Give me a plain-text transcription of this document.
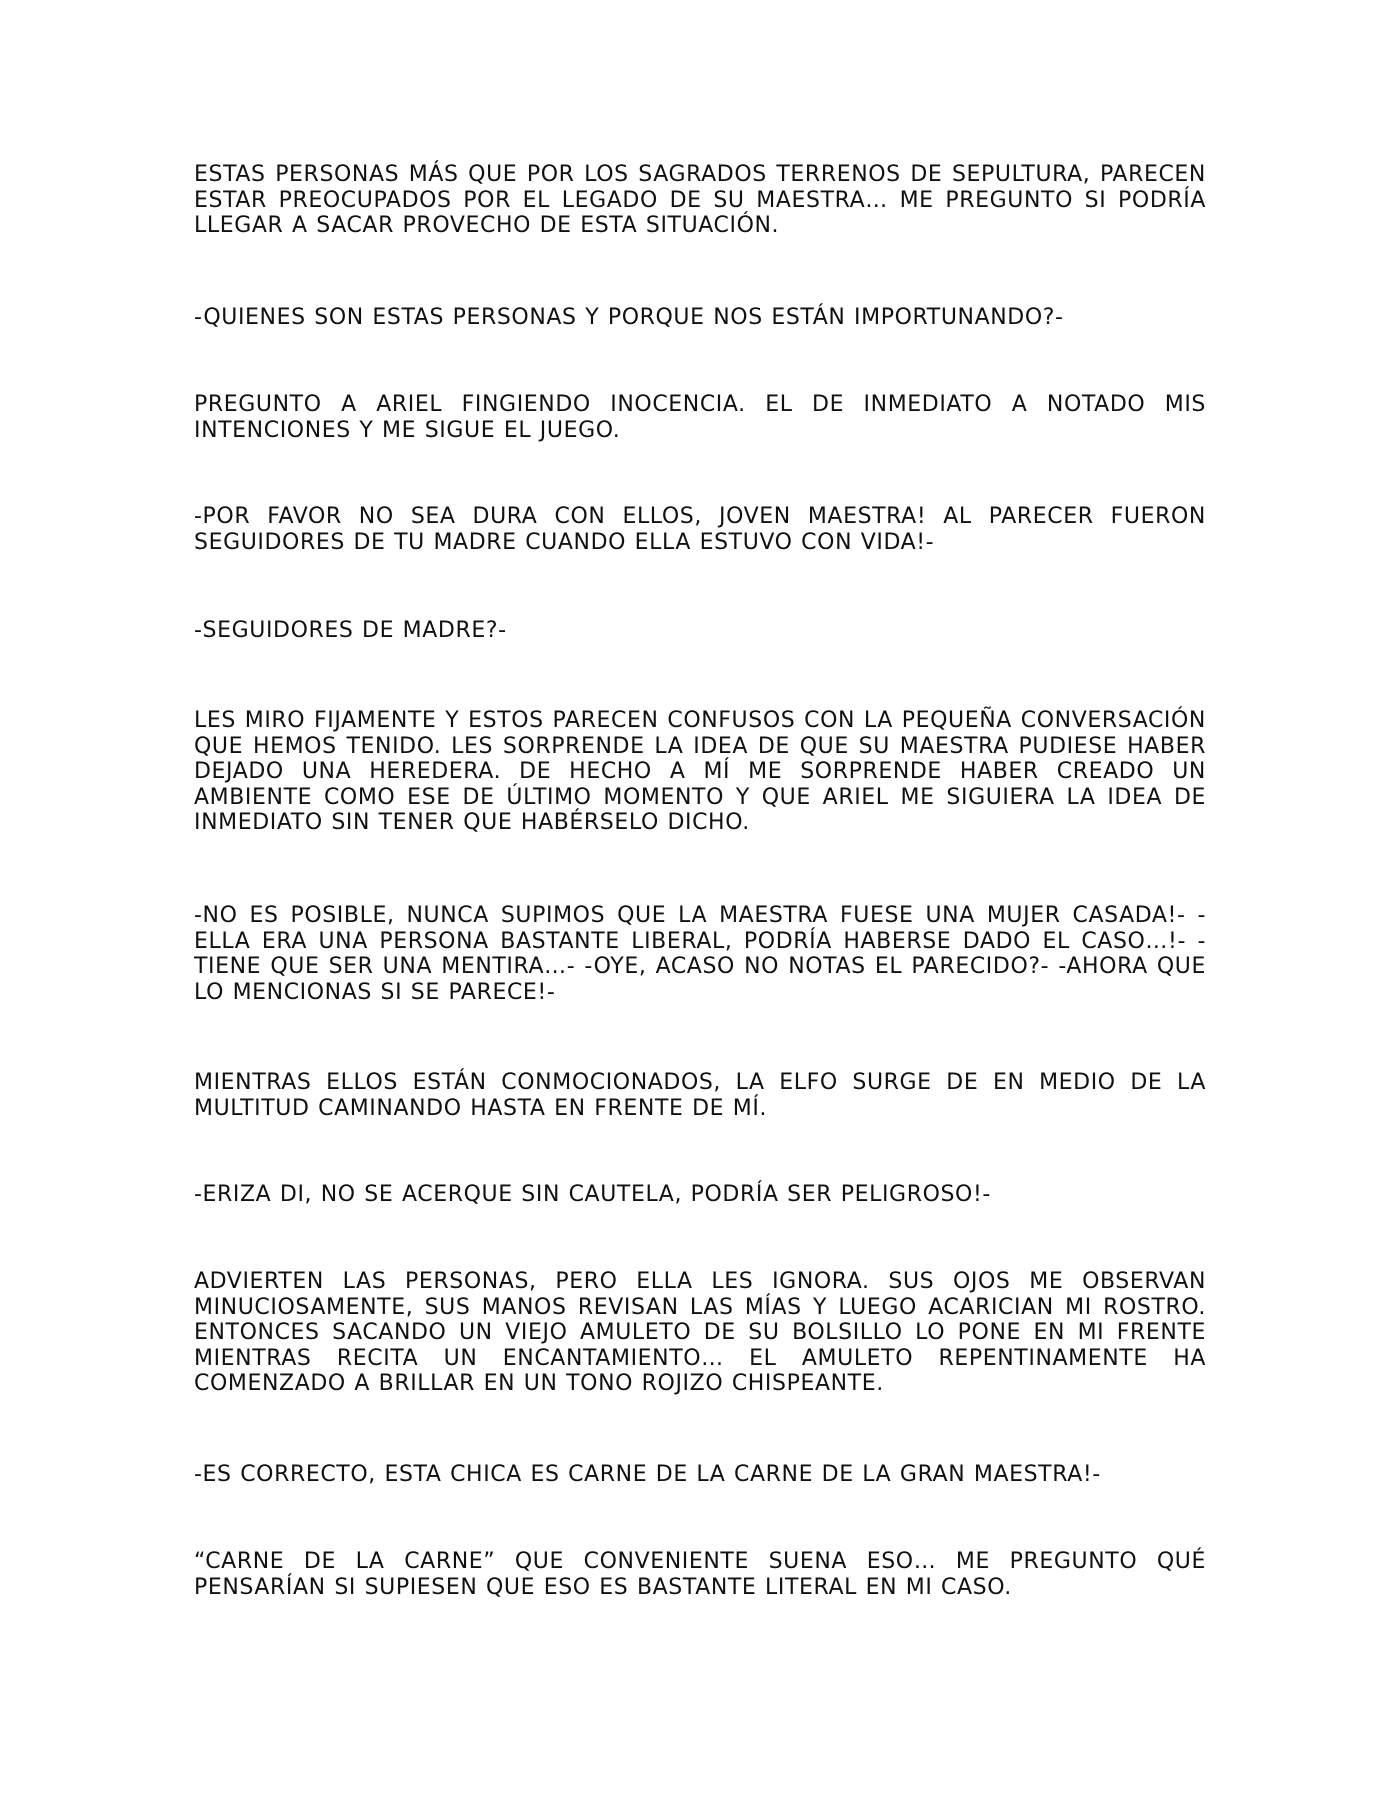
ESTAS PERSONAS MÁS QUE POR LOS SAGRADOS TERRENOS DE SEPULTURA, PARECEN ESTAR PREOCUPADOS POR EL LEGADO DE SU MAESTRA… ME PREGUNTO SI PODRÍA LLEGAR A SACAR PROVECHO DE ESTA SITUACIÓN.

-QUIENES SON ESTAS PERSONAS Y PORQUE NOS ESTÁN IMPORTUNANDO?-

PREGUNTO A ARIEL FINGIENDO INOCENCIA. EL DE INMEDIATO A NOTADO MIS INTENCIONES Y ME SIGUE EL JUEGO.

-POR FAVOR NO SEA DURA CON ELLOS, JOVEN MAESTRA! AL PARECER FUERON SEGUIDORES DE TU MADRE CUANDO ELLA ESTUVO CON VIDA!-

-SEGUIDORES DE MADRE?-

LES MIRO FIJAMENTE Y ESTOS PARECEN CONFUSOS CON LA PEQUEÑA CONVERSACIÓN QUE HEMOS TENIDO. LES SORPRENDE LA IDEA DE QUE SU MAESTRA PUDIESE HABER DEJADO UNA HEREDERA. DE HECHO A MÍ ME SORPRENDE HABER CREADO UN AMBIENTE COMO ESE DE ÚLTIMO MOMENTO Y QUE ARIEL ME SIGUIERA LA IDEA DE INMEDIATO SIN TENER QUE HABÉRSELO DICHO.

-NO ES POSIBLE, NUNCA SUPIMOS QUE LA MAESTRA FUESE UNA MUJER CASADA!- -ELLA ERA UNA PERSONA BASTANTE LIBERAL, PODRÍA HABERSE DADO EL CASO…!- -TIENE QUE SER UNA MENTIRA…- -OYE, ACASO NO NOTAS EL PARECIDO?- -AHORA QUE LO MENCIONAS SI SE PARECE!-

MIENTRAS ELLOS ESTÁN CONMOCIONADOS, LA ELFO SURGE DE EN MEDIO DE LA MULTITUD CAMINANDO HASTA EN FRENTE DE MÍ.

-ERIZA DI, NO SE ACERQUE SIN CAUTELA, PODRÍA SER PELIGROSO!-

ADVIERTEN LAS PERSONAS, PERO ELLA LES IGNORA. SUS OJOS ME OBSERVAN MINUCIOSAMENTE, SUS MANOS REVISAN LAS MÍAS Y LUEGO ACARICIAN MI ROSTRO. ENTONCES SACANDO UN VIEJO AMULETO DE SU BOLSILLO LO PONE EN MI FRENTE MIENTRAS RECITA UN ENCANTAMIENTO… EL AMULETO REPENTINAMENTE HA COMENZADO A BRILLAR EN UN TONO ROJIZO CHISPEANTE.

-ES CORRECTO, ESTA CHICA ES CARNE DE LA CARNE DE LA GRAN MAESTRA!-

“CARNE DE LA CARNE” QUE CONVENIENTE SUENA ESO… ME PREGUNTO QUÉ PENSARÍAN SI SUPIESEN QUE ESO ES BASTANTE LITERAL EN MI CASO.
